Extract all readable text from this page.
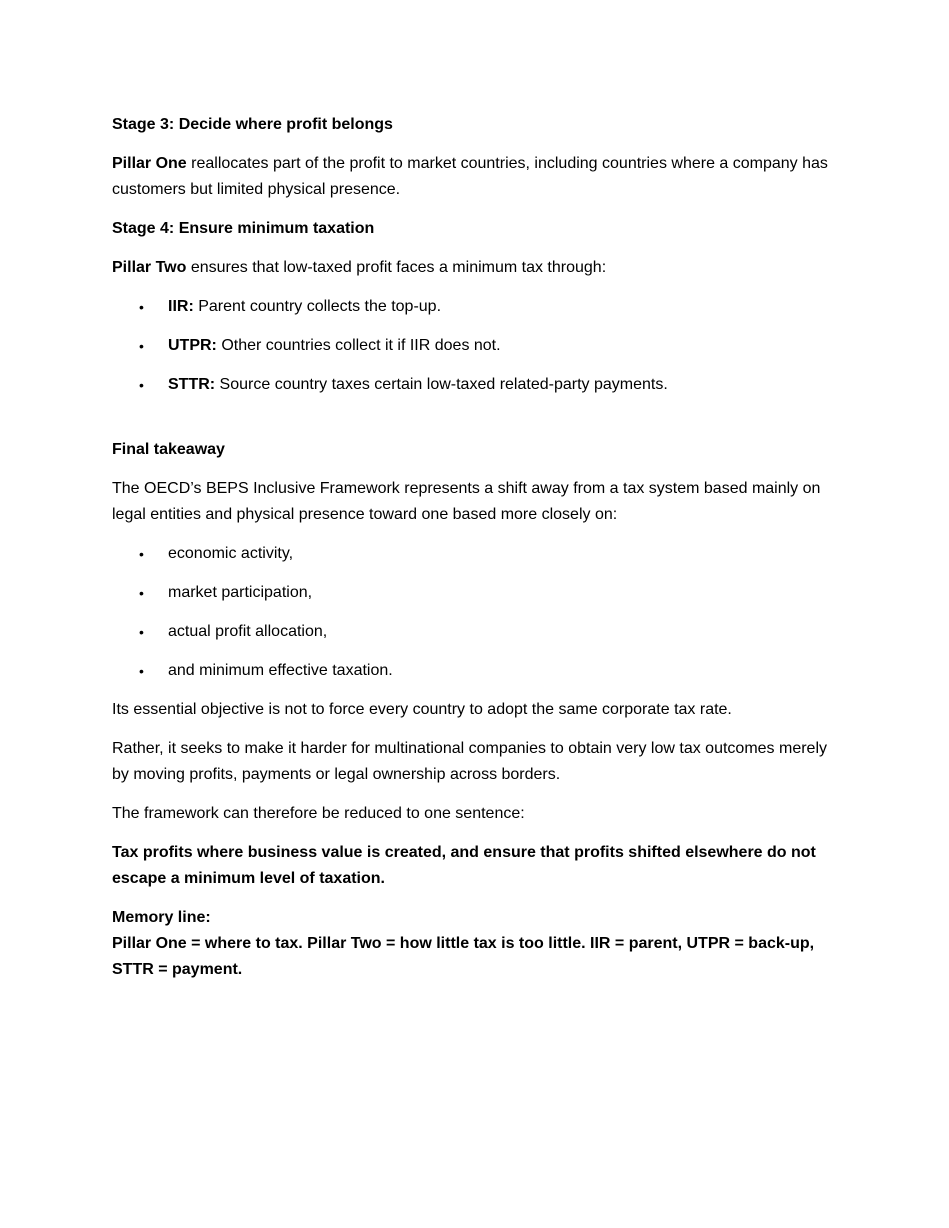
Stage 3: Decide where profit belongs

Pillar One reallocates part of the profit to market countries, including countries where a company has customers but limited physical presence.

Stage 4: Ensure minimum taxation

Pillar Two ensures that low-taxed profit faces a minimum tax through:

• IIR: Parent country collects the top-up.
• UTPR: Other countries collect it if IIR does not.
• STTR: Source country taxes certain low-taxed related-party payments.

Final takeaway

The OECD’s BEPS Inclusive Framework represents a shift away from a tax system based mainly on legal entities and physical presence toward one based more closely on:

• economic activity,
• market participation,
• actual profit allocation,
• and minimum effective taxation.

Its essential objective is not to force every country to adopt the same corporate tax rate.

Rather, it seeks to make it harder for multinational companies to obtain very low tax outcomes merely by moving profits, payments or legal ownership across borders.

The framework can therefore be reduced to one sentence:

Tax profits where business value is created, and ensure that profits shifted elsewhere do not escape a minimum level of taxation.

Memory line:
Pillar One = where to tax. Pillar Two = how little tax is too little. IIR = parent, UTPR = back-up, STTR = payment.
